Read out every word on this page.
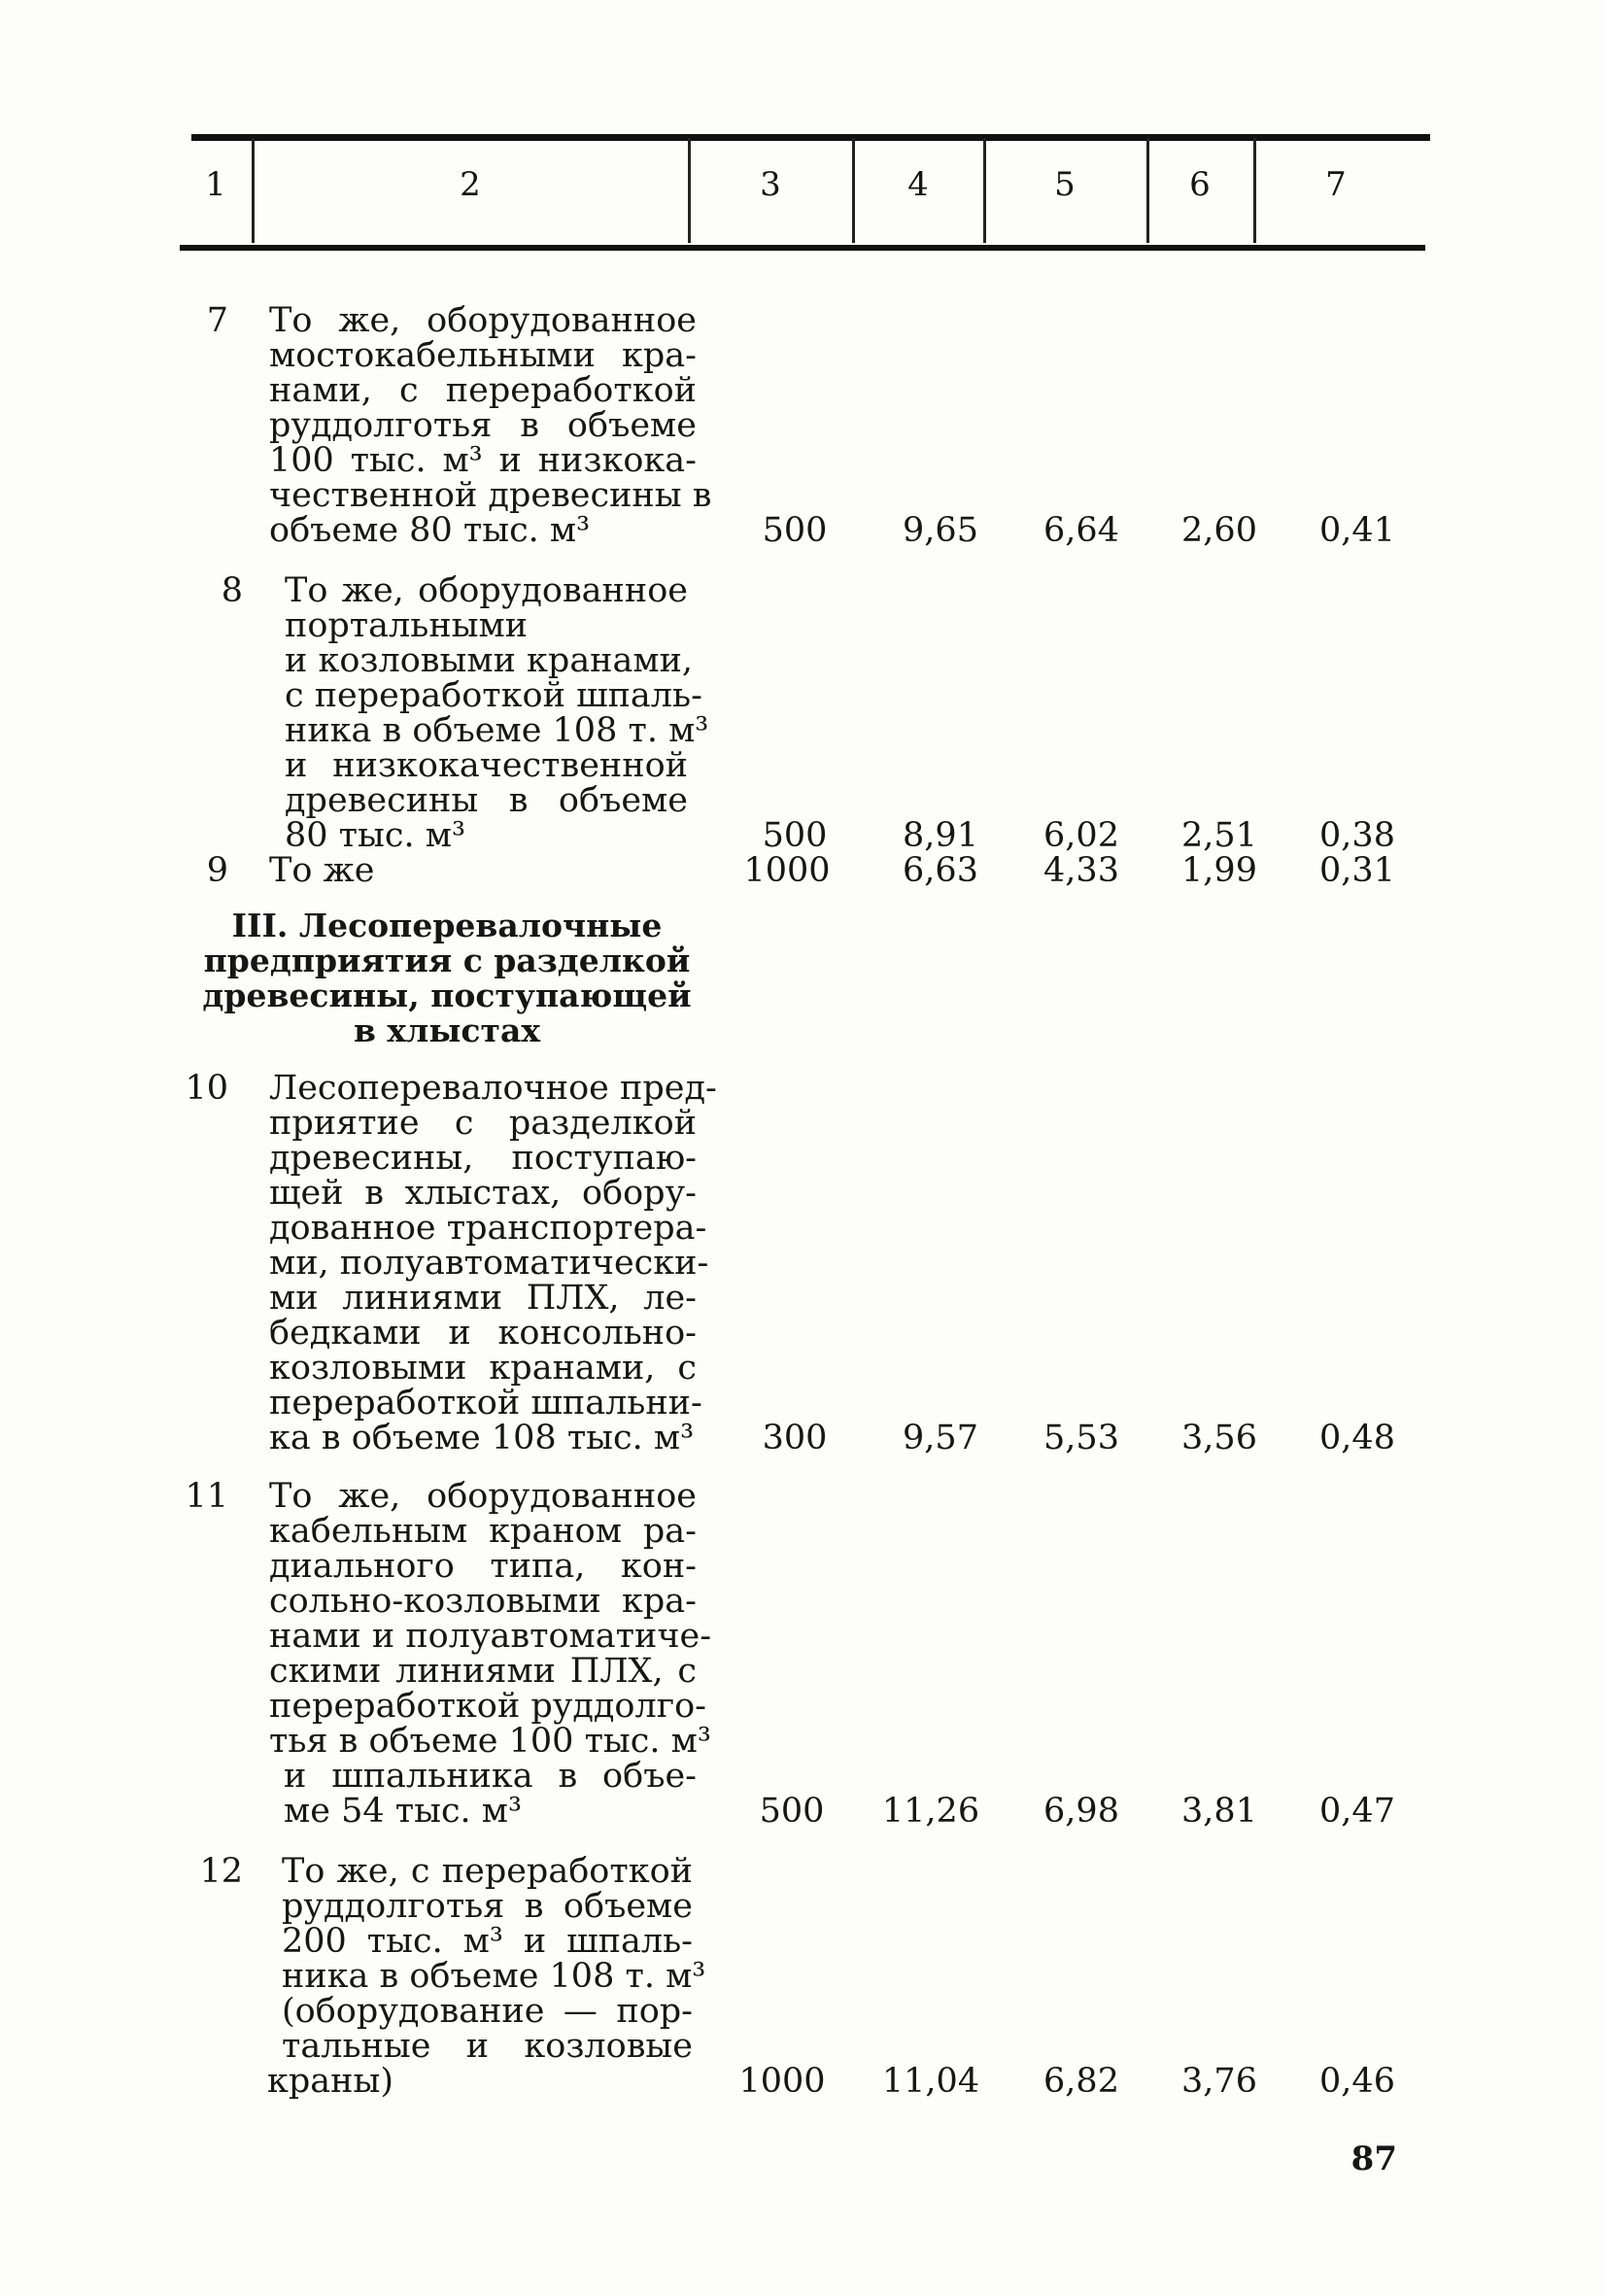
1	2	3	4	5	6	7
7 То же, оборудованное
мостокабельными кра-
нами, с переработкой
руддолготья в объеме
100 тыс. м³ и низкока-
чественной древесины в
объеме 80 тыс. м³	500	9,65	6,64	2,60	0,41
8 То же, оборудованное
портальными
и козловыми кранами,
с переработкой шпаль-
ника в объеме 108 т. м³
и низкокачественной
древесины в объеме
80 тыс. м³	500	8,91	6,02	2,51	0,38
9 То же	1000	6,63	4,33	1,99	0,31
III. Лесоперевалочные
предприятия с разделкой
древесины, поступающей
в хлыстах
10 Лесоперевалочное пред-
приятие с разделкой
древесины, поступаю-
щей в хлыстах, обору-
дованное транспортера-
ми, полуавтоматически-
ми линиями ПЛХ, ле-
бедками и консольно-
козловыми кранами, с
переработкой шпальни-
ка в объеме 108 тыс. м³	300	9,57	5,53	3,56	0,48
11 То же, оборудованное
кабельным краном ра-
диального типа, кон-
сольно-козловыми кра-
нами и полуавтоматиче-
скими линиями ПЛХ, с
переработкой руддолго-
тья в объеме 100 тыс. м³
и шпальника в объе-
ме 54 тыс. м³	500	11,26	6,98	3,81	0,47
12 То же, с переработкой
руддолготья в объеме
200 тыс. м³ и шпаль-
ника в объеме 108 т. м³
(оборудование — пор-
тальные и козловые
краны)	1000	11,04	6,82	3,76	0,46
87
